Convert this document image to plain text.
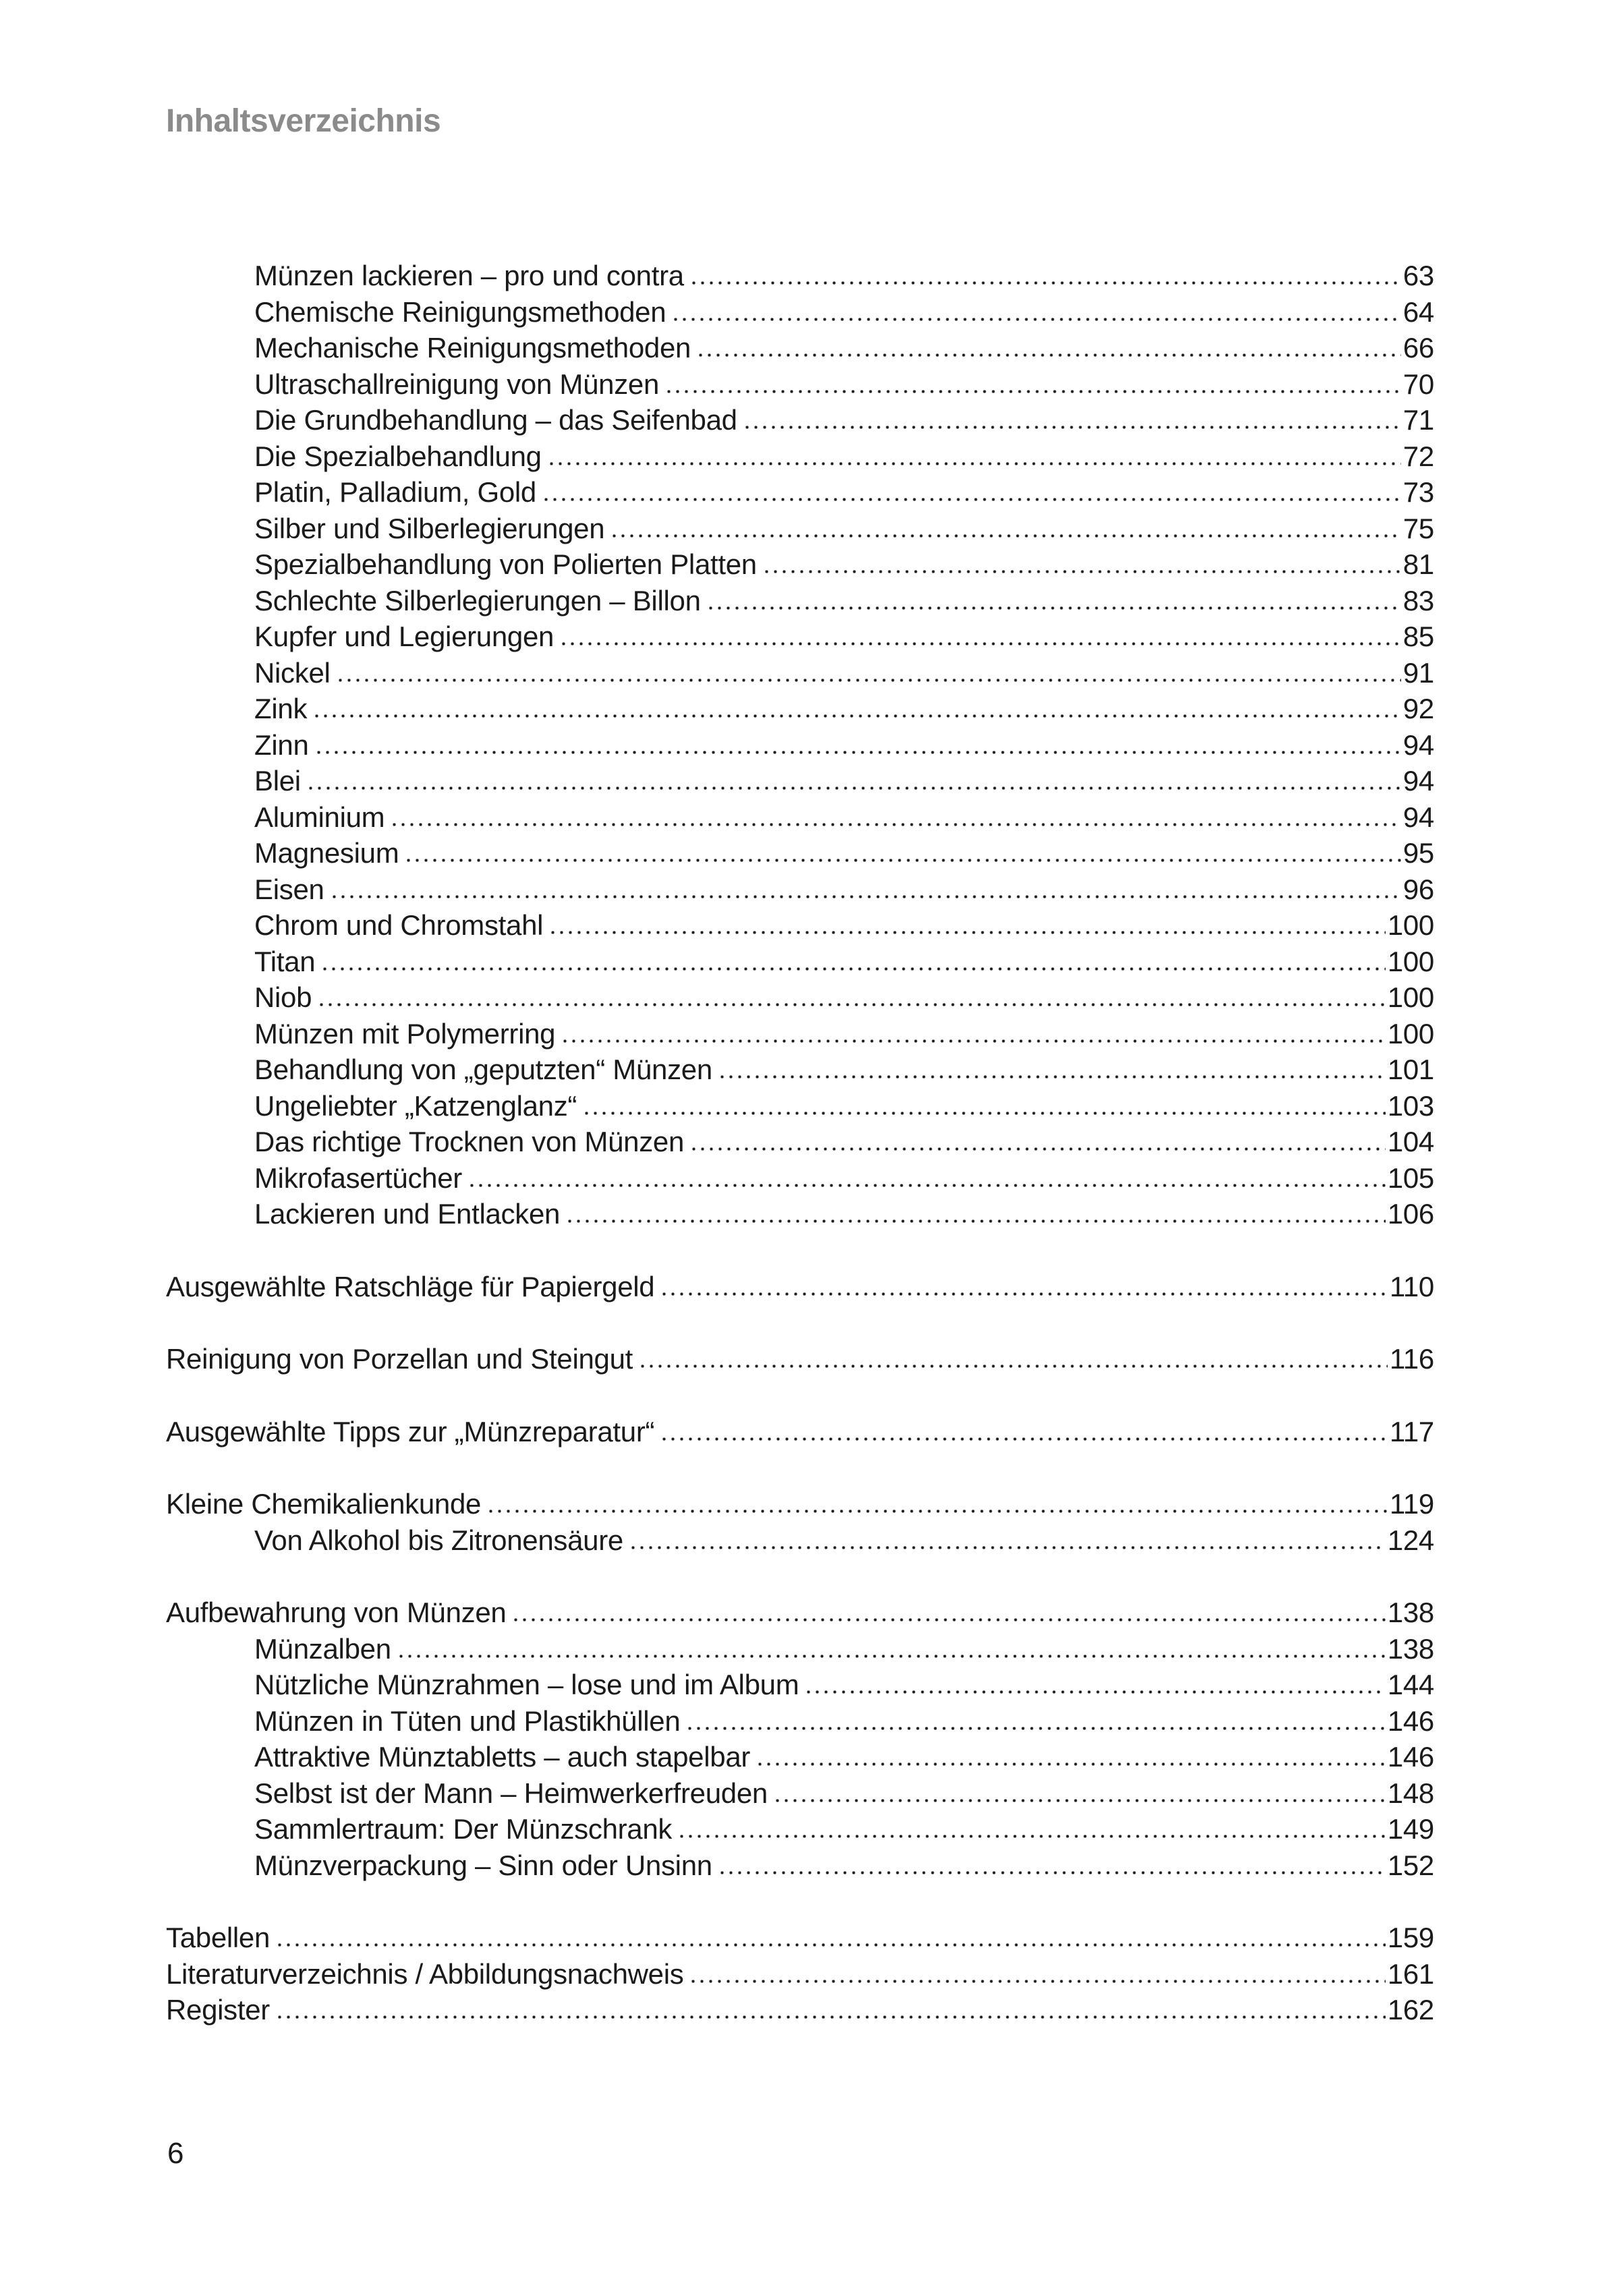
Inhaltsverzeichnis
Münzen lackieren – pro und contra	63
Chemische Reinigungsmethoden	64
Mechanische Reinigungsmethoden	66
Ultraschallreinigung von Münzen	70
Die Grundbehandlung – das Seifenbad	71
Die Spezialbehandlung	72
Platin, Palladium, Gold	73
Silber und Silberlegierungen	75
Spezialbehandlung von Polierten Platten	81
Schlechte Silberlegierungen – Billon	83
Kupfer und Legierungen	85
Nickel	91
Zink	92
Zinn	94
Blei	94
Aluminium	94
Magnesium	95
Eisen	96
Chrom und Chromstahl	100
Titan	100
Niob	100
Münzen mit Polymerring	100
Behandlung von „geputzten“ Münzen	101
Ungeliebter „Katzenglanz“	103
Das richtige Trocknen von Münzen	104
Mikrofasertücher	105
Lackieren und Entlacken	106
Ausgewählte Ratschläge für Papiergeld	110
Reinigung von Porzellan und Steingut	116
Ausgewählte Tipps zur „Münzreparatur“	117
Kleine Chemikalienkunde	119
Von Alkohol bis Zitronensäure	124
Aufbewahrung von Münzen	138
Münzalben	138
Nützliche Münzrahmen – lose und im Album	144
Münzen in Tüten und Plastikhüllen	146
Attraktive Münztabletts – auch stapelbar	146
Selbst ist der Mann – Heimwerkerfreuden	148
Sammlertraum: Der Münzschrank	149
Münzverpackung – Sinn oder Unsinn	152
Tabellen	159
Literaturverzeichnis / Abbildungsnachweis	161
Register	162
6
